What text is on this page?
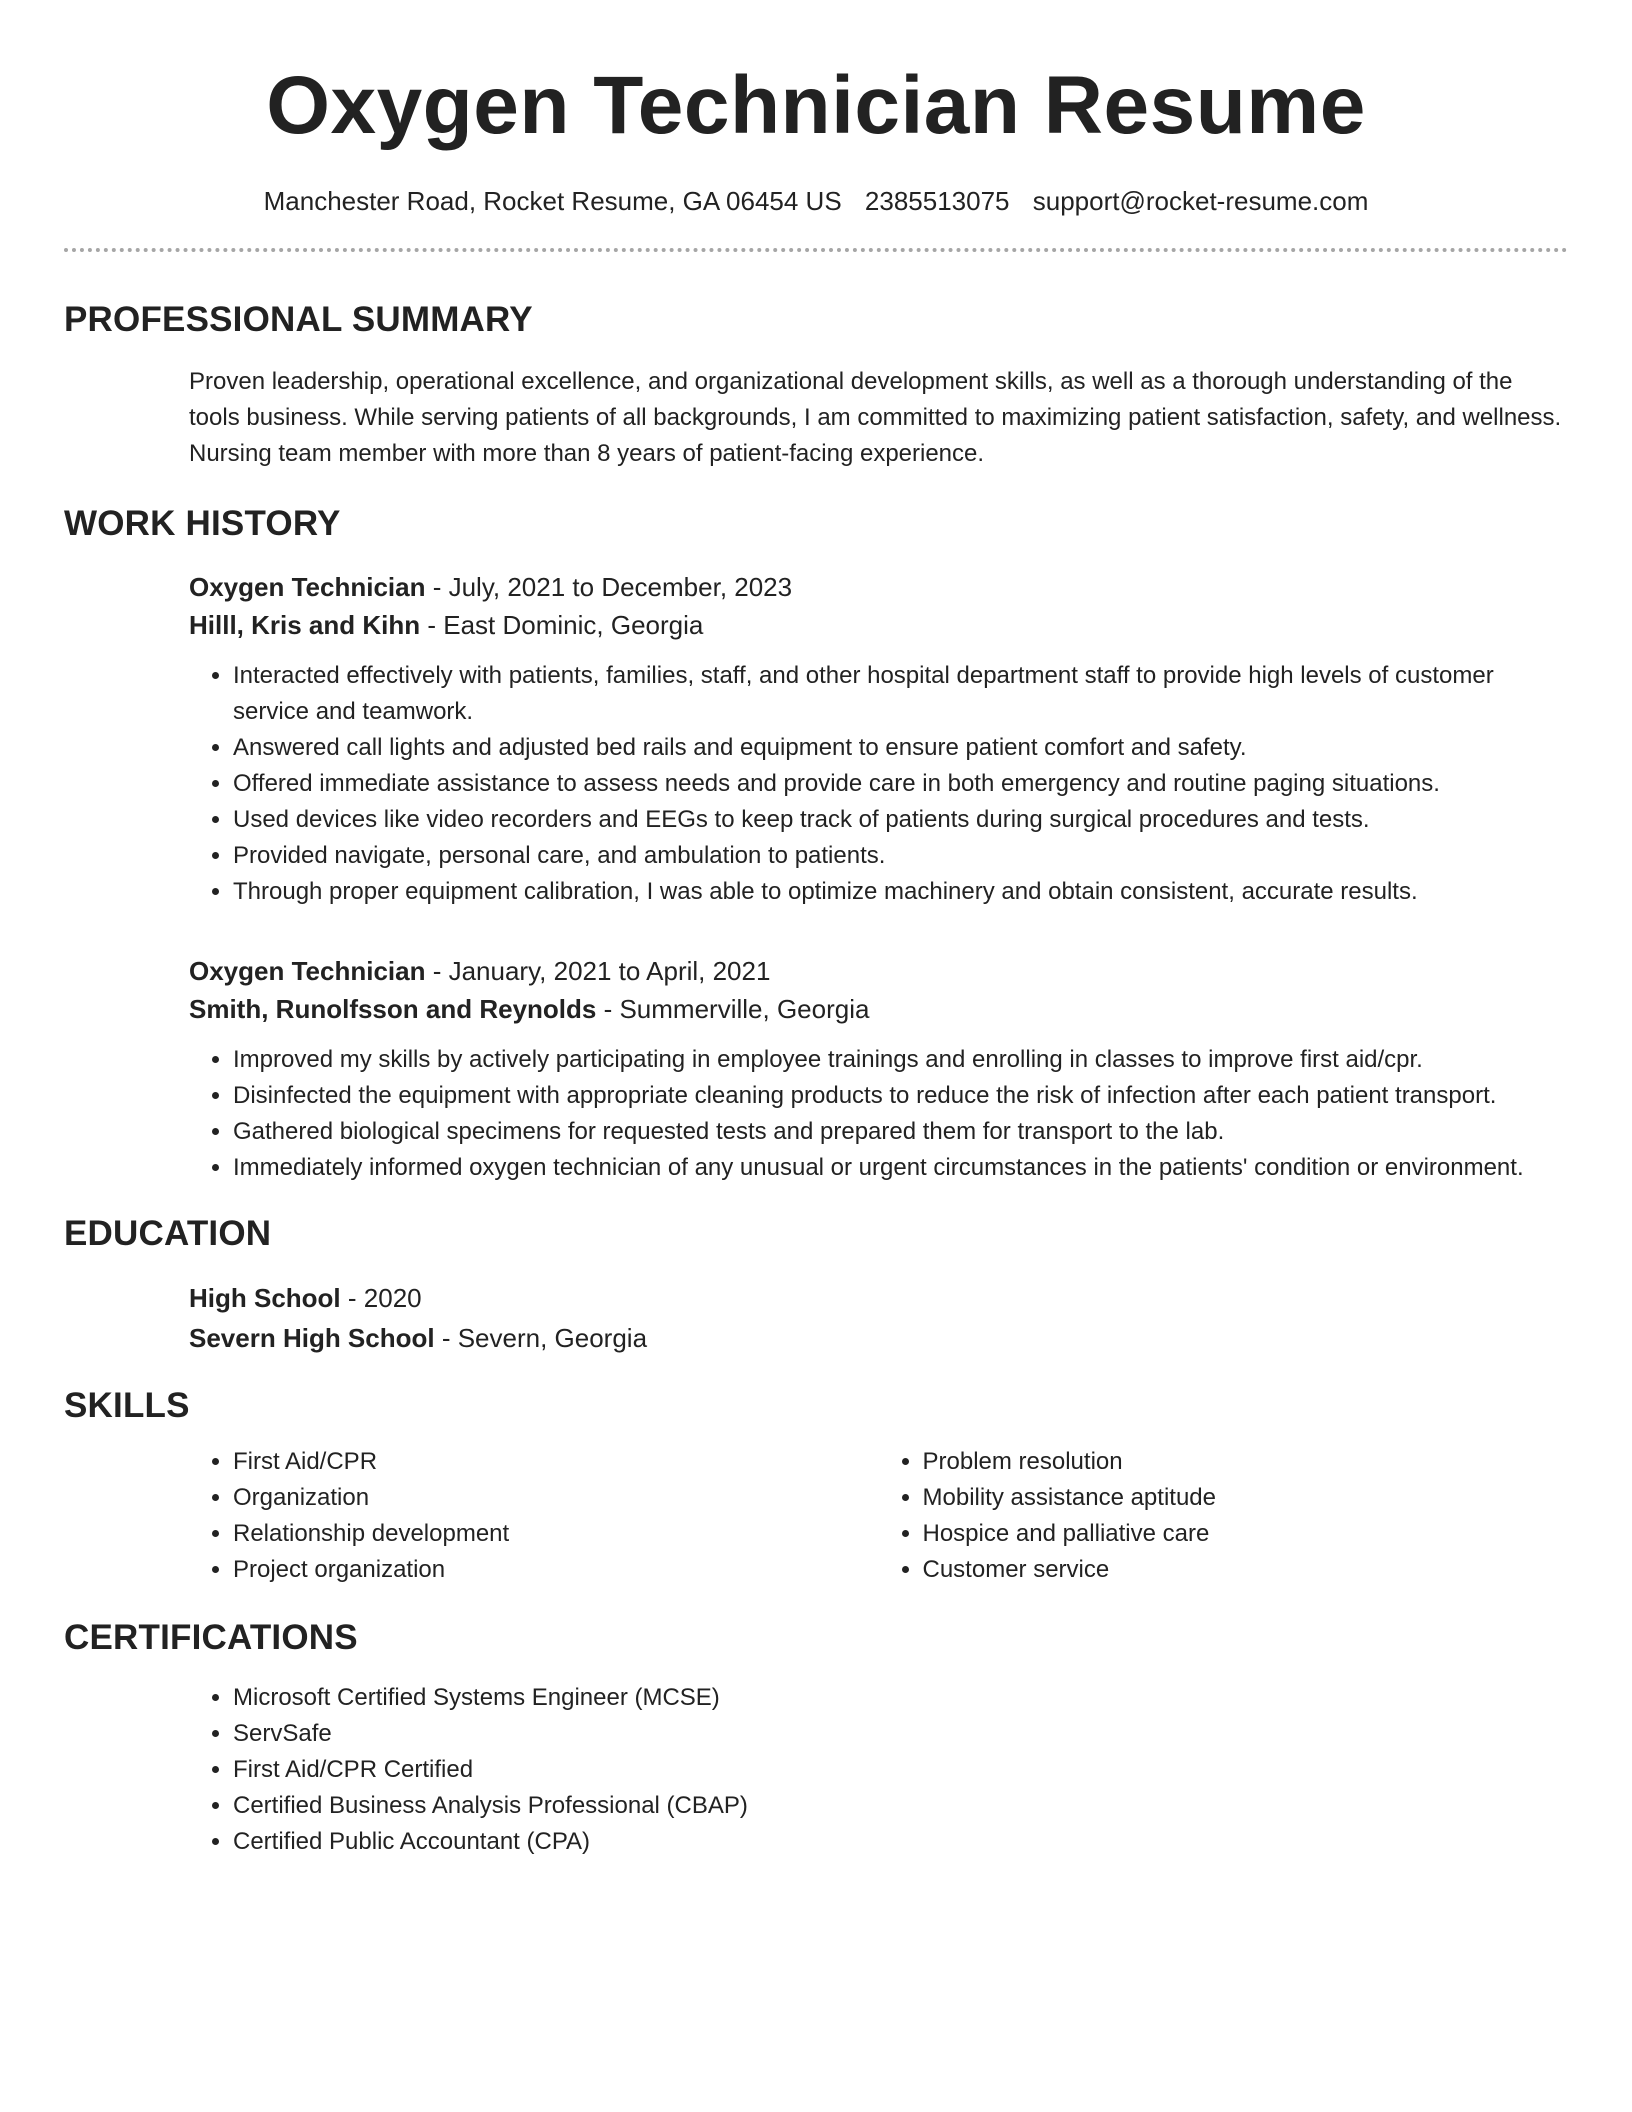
Oxygen Technician Resume
Manchester Road, Rocket Resume, GA 06454 US 2385513075 support@rocket-resume.com
PROFESSIONAL SUMMARY

Proven leadership, operational excellence, and organizational development skills, as well as a thorough understanding of the tools business. While serving patients of all backgrounds, I am committed to maximizing patient satisfaction, safety, and wellness. Nursing team member with more than 8 years of patient-facing experience.

WORK HISTORY
Oxygen Technician - July, 2021 to December, 2023
Hilll, Kris and Kihn - East Dominic, Georgia
• Interacted effectively with patients, families, staff, and other hospital department staff to provide high levels of customer service and teamwork.
• Answered call lights and adjusted bed rails and equipment to ensure patient comfort and safety.
• Offered immediate assistance to assess needs and provide care in both emergency and routine paging situations.
• Used devices like video recorders and EEGs to keep track of patients during surgical procedures and tests.
• Provided navigate, personal care, and ambulation to patients.
• Through proper equipment calibration, I was able to optimize machinery and obtain consistent, accurate results.
Oxygen Technician - January, 2021 to April, 2021
Smith, Runolfsson and Reynolds - Summerville, Georgia
• Improved my skills by actively participating in employee trainings and enrolling in classes to improve first aid/cpr.
• Disinfected the equipment with appropriate cleaning products to reduce the risk of infection after each patient transport.
• Gathered biological specimens for requested tests and prepared them for transport to the lab.
• Immediately informed oxygen technician of any unusual or urgent circumstances in the patients' condition or environment.
EDUCATION
High School - 2020
Severn High School - Severn, Georgia
SKILLS
• First Aid/CPR
• Organization
• Relationship development
• Project organization
• Problem resolution
• Mobility assistance aptitude
• Hospice and palliative care
• Customer service
CERTIFICATIONS
• Microsoft Certified Systems Engineer (MCSE)
• ServSafe
• First Aid/CPR Certified
• Certified Business Analysis Professional (CBAP)
• Certified Public Accountant (CPA)
